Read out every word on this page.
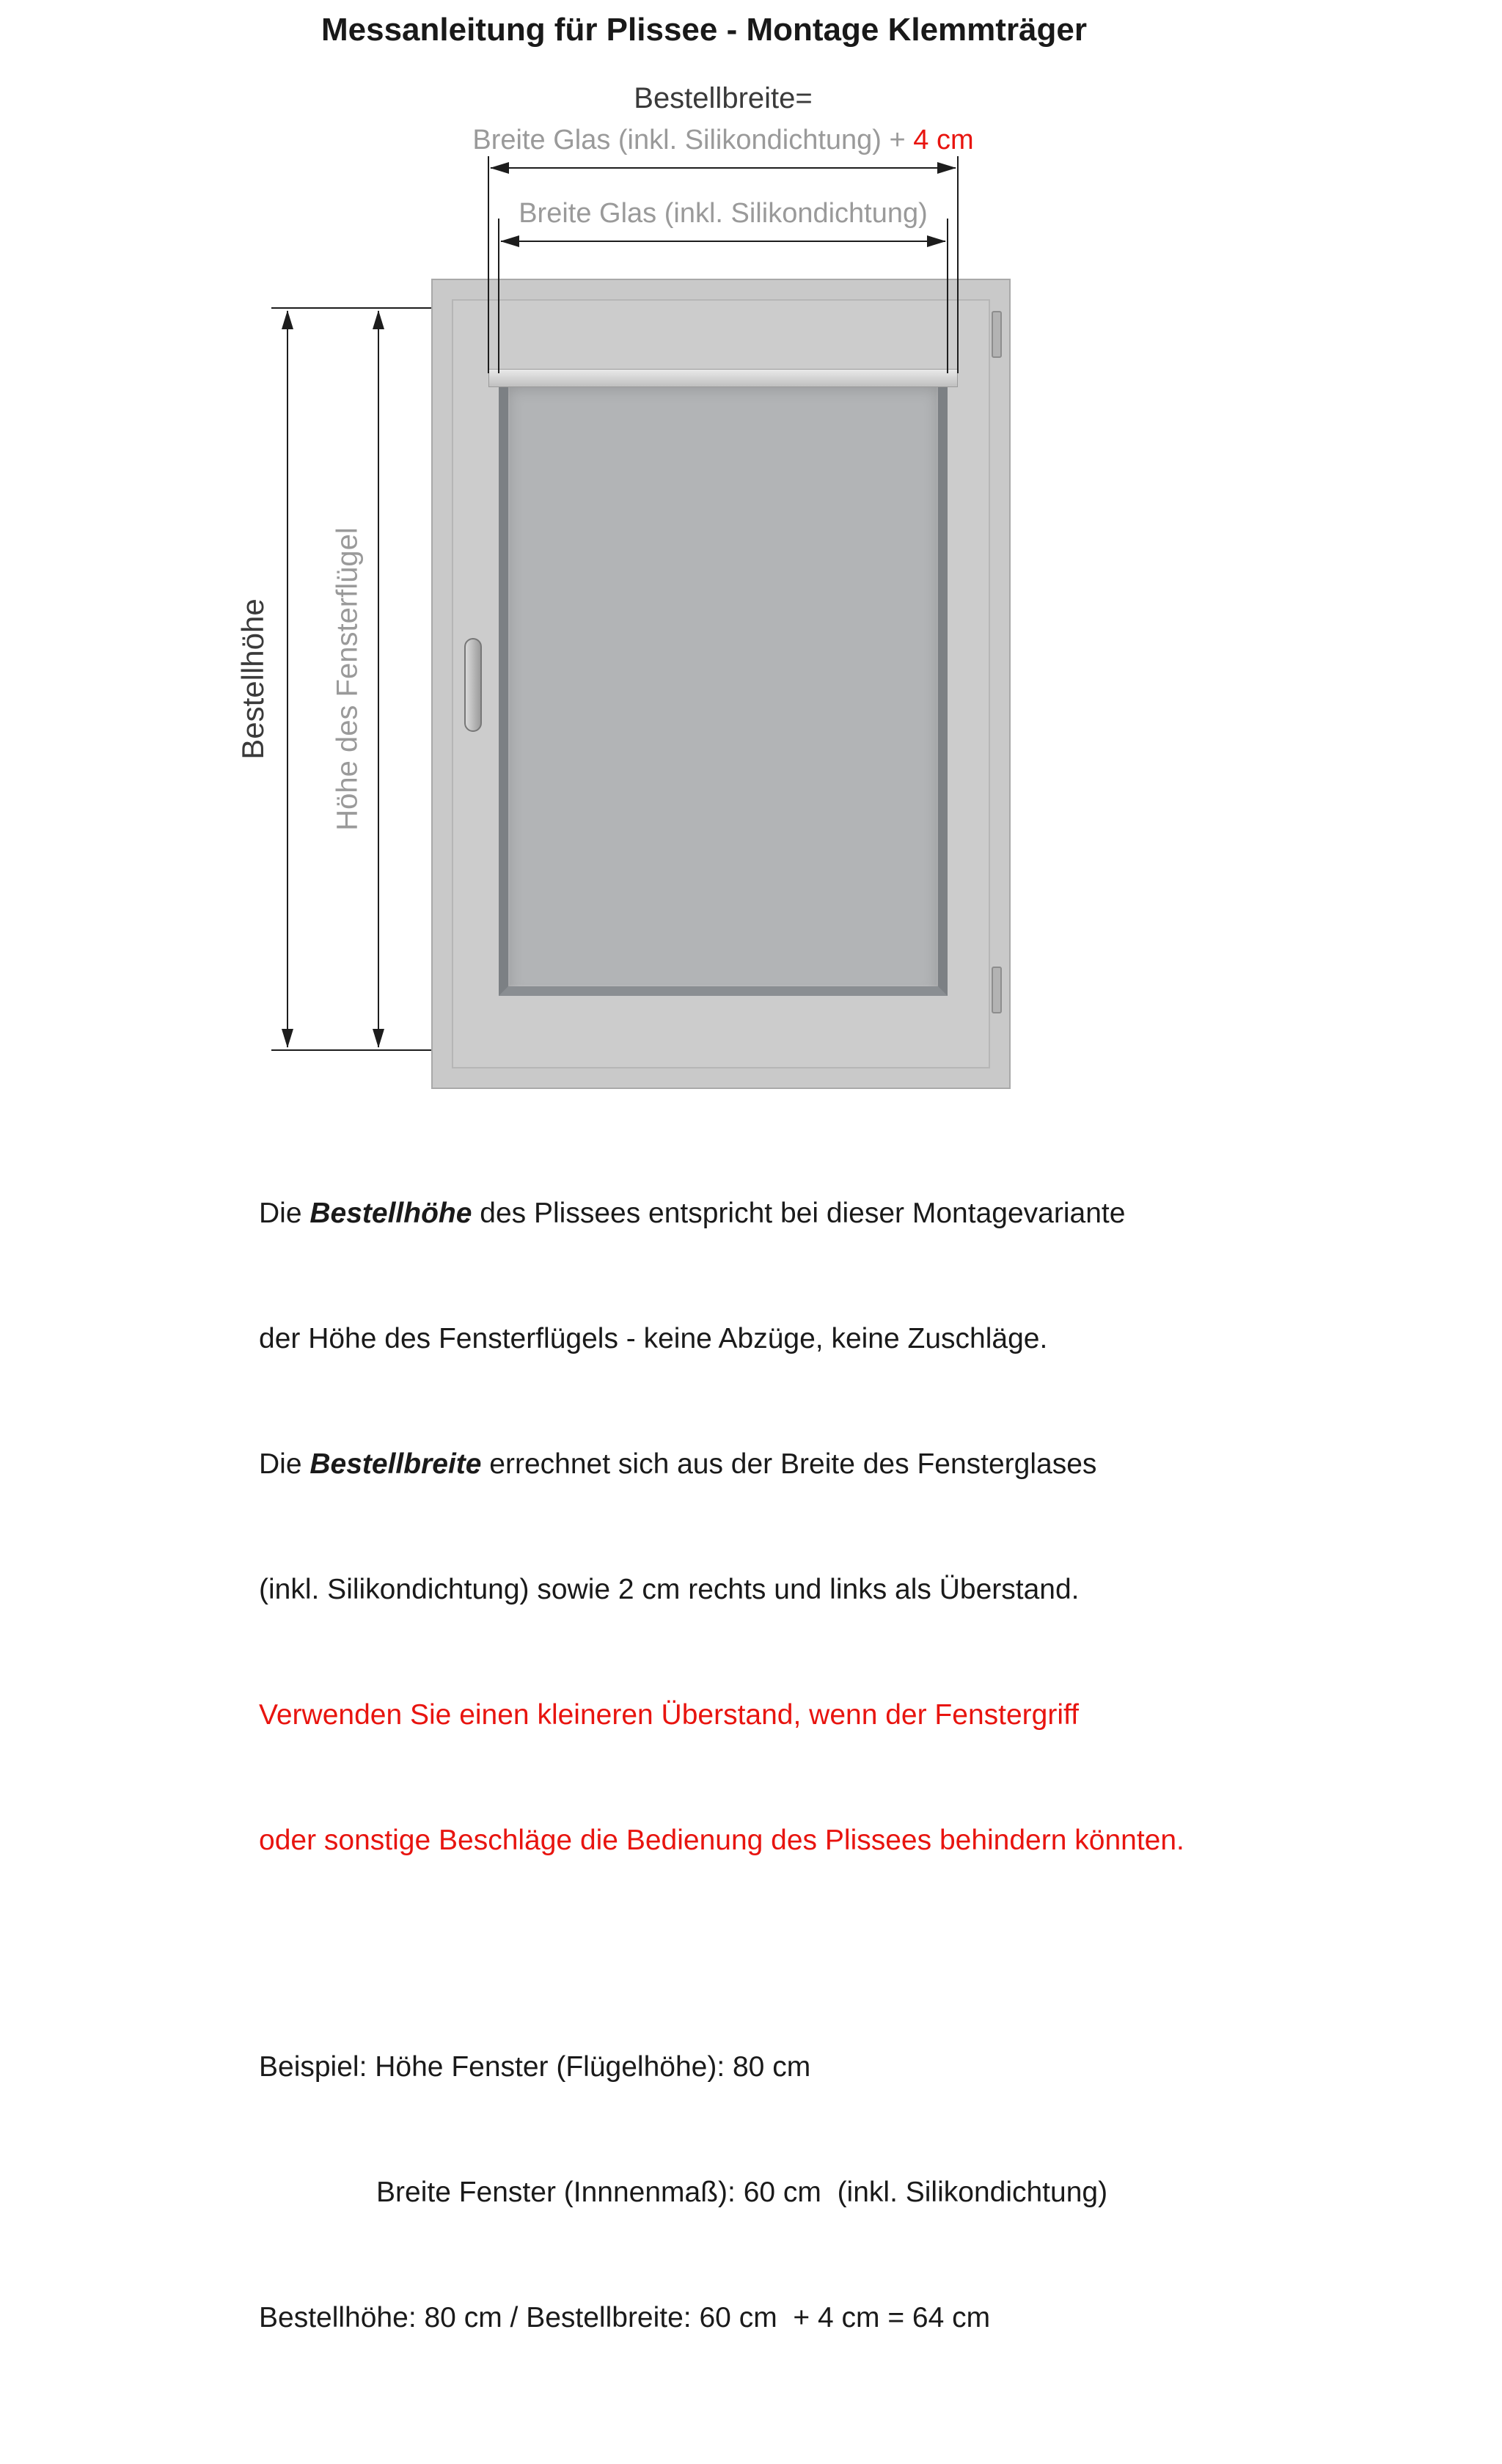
Messanleitung für Plissee - Montage Klemmträger
Bestellbreite=
Breite Glas (inkl. Silikondichtung) + 4 cm
Breite Glas (inkl. Silikondichtung)
Bestellhöhe Höhe des Fensterflügel

Die Bestellhöhe des Plissees entspricht bei dieser Montagevariante

der Höhe des Fensterflügels - keine Abzüge, keine Zuschläge.

Die Bestellbreite errechnet sich aus der Breite des Fensterglases

(inkl. Silikondichtung) sowie 2 cm rechts und links als Überstand.

Verwenden Sie einen kleineren Überstand, wenn der Fenstergriff

oder sonstige Beschläge die Bedienung des Plissees behindern könnten.

Beispiel: Höhe Fenster (Flügelhöhe): 80 cm

Breite Fenster (Innnenmaß): 60 cm  (inkl. Silikondichtung)

Bestellhöhe: 80 cm / Bestellbreite: 60 cm  + 4 cm = 64 cm
